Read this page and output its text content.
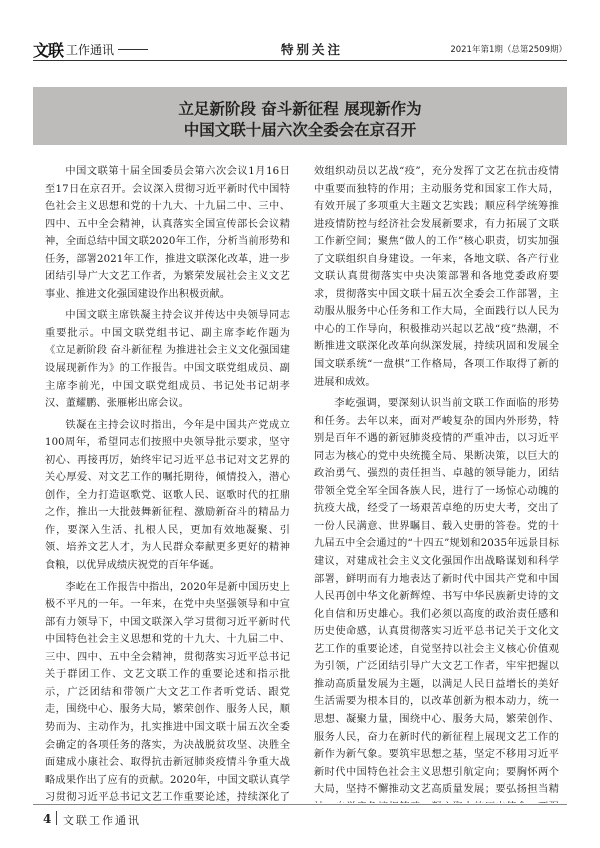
文联 工作通讯	特别关注	2021年第1期（总第2509期）
立足新阶段 奋斗新征程 展现新作为
中国文联十届六次全委会在京召开

中国文联第十届全国委员会第六次会议1月16日至17日在京召开。会议深入贯彻习近平新时代中国特色社会主义思想和党的十九大、十九届二中、三中、四中、五中全会精神，认真落实全国宣传部长会议精神，全面总结中国文联2020年工作，分析当前形势和任务，部署2021年工作，推进文联深化改革，进一步团结引导广大文艺工作者，为繁荣发展社会主义文艺事业、推进文化强国建设作出积极贡献。

中国文联主席铁凝主持会议并传达中央领导同志重要批示。中国文联党组书记、副主席李屹作题为《立足新阶段 奋斗新征程 为推进社会主义文化强国建设展现新作为》的工作报告。中国文联党组成员、副主席李前光，中国文联党组成员、书记处书记胡孝汉、董耀鹏、张雁彬出席会议。

铁凝在主持会议时指出，今年是中国共产党成立100周年，希望同志们按照中央领导批示要求，坚守初心、再接再厉，始终牢记习近平总书记对文艺界的关心厚爱、对文艺工作的嘱托期待，倾情投入，潜心创作，全力打造讴歌党、讴歌人民、讴歌时代的扛鼎之作，推出一大批鼓舞新征程、激励新奋斗的精品力作，要深入生活、扎根人民，更加有效地凝聚、引领、培养文艺人才，为人民群众奉献更多更好的精神食粮，以优异成绩庆祝党的百年华诞。

李屹在工作报告中指出，2020年是新中国历史上极不平凡的一年。一年来，在党中央坚强领导和中宣部有力领导下，中国文联深入学习贯彻习近平新时代中国特色社会主义思想和党的十九大、十九届二中、三中、四中、五中全会精神，贯彻落实习近平总书记关于群团工作、文艺文联工作的重要论述和指示批示，广泛团结和带领广大文艺工作者听党话、跟党走，围绕中心、服务大局，繁荣创作、服务人民，顺势而为、主动作为，扎实推进中国文联十届五次全委会确定的各项任务的落实，为决战脱贫攻坚、决胜全面建成小康社会、取得抗击新冠肺炎疫情斗争重大战略成果作出了应有的贡献。2020年，中国文联认真学习贯彻习近平总书记文艺工作重要论述，持续深化了

效组织动员以艺战“疫”，充分发挥了文艺在抗击疫情中重要而独特的作用；主动服务党和国家工作大局，有效开展了多项重大主题文艺实践；顺应科学统筹推进疫情防控与经济社会发展新要求，有力拓展了文联工作新空间；聚焦“做人的工作”核心职责，切实加强了文联组织自身建设。一年来，各地文联、各产行业文联认真贯彻落实中央决策部署和各地党委政府要求，贯彻落实中国文联十届五次全委会工作部署，主动服从服务中心任务和工作大局，全面践行以人民为中心的工作导向，积极推动兴起以艺战“疫”热潮，不断推进文联深化改革向纵深发展，持续巩固和发展全国文联系统“一盘棋”工作格局，各项工作取得了新的进展和成效。

李屹强调，要深刻认识当前文联工作面临的形势和任务。去年以来，面对严峻复杂的国内外形势，特别是百年不遇的新冠肺炎疫情的严重冲击，以习近平同志为核心的党中央统揽全局、果断决策，以巨大的政治勇气、强烈的责任担当、卓越的领导能力，团结带领全党全军全国各族人民，进行了一场惊心动魄的抗疫大战，经受了一场艰苦卓绝的历史大考，交出了一份人民满意、世界瞩目、载入史册的答卷。党的十九届五中全会通过的“十四五”规划和2035年远景目标建议，对建成社会主义文化强国作出战略谋划和科学部署，鲜明而有力地表达了新时代中国共产党和中国人民再创中华文化新辉煌、书写中华民族新史诗的文化自信和历史雄心。我们必须以高度的政治责任感和历史使命感，认真贯彻落实习近平总书记关于文化文艺工作的重要论述，自觉坚持以社会主义核心价值观为引领，广泛团结引导广大文艺工作者，牢牢把握以推动高质量发展为主题，以满足人民日益增长的美好生活需要为根本目的，以改革创新为根本动力，统一思想、凝聚力量，围绕中心、服务大局，繁荣创作、服务人民，奋力在新时代的新征程上展现文艺工作的新作为新气象。要筑牢思想之基，坚定不移用习近平新时代中国特色社会主义思想引航定向；要胸怀两个大局，坚持不懈推动文艺高质量发展；要弘扬担当精

4 文联工作通讯
